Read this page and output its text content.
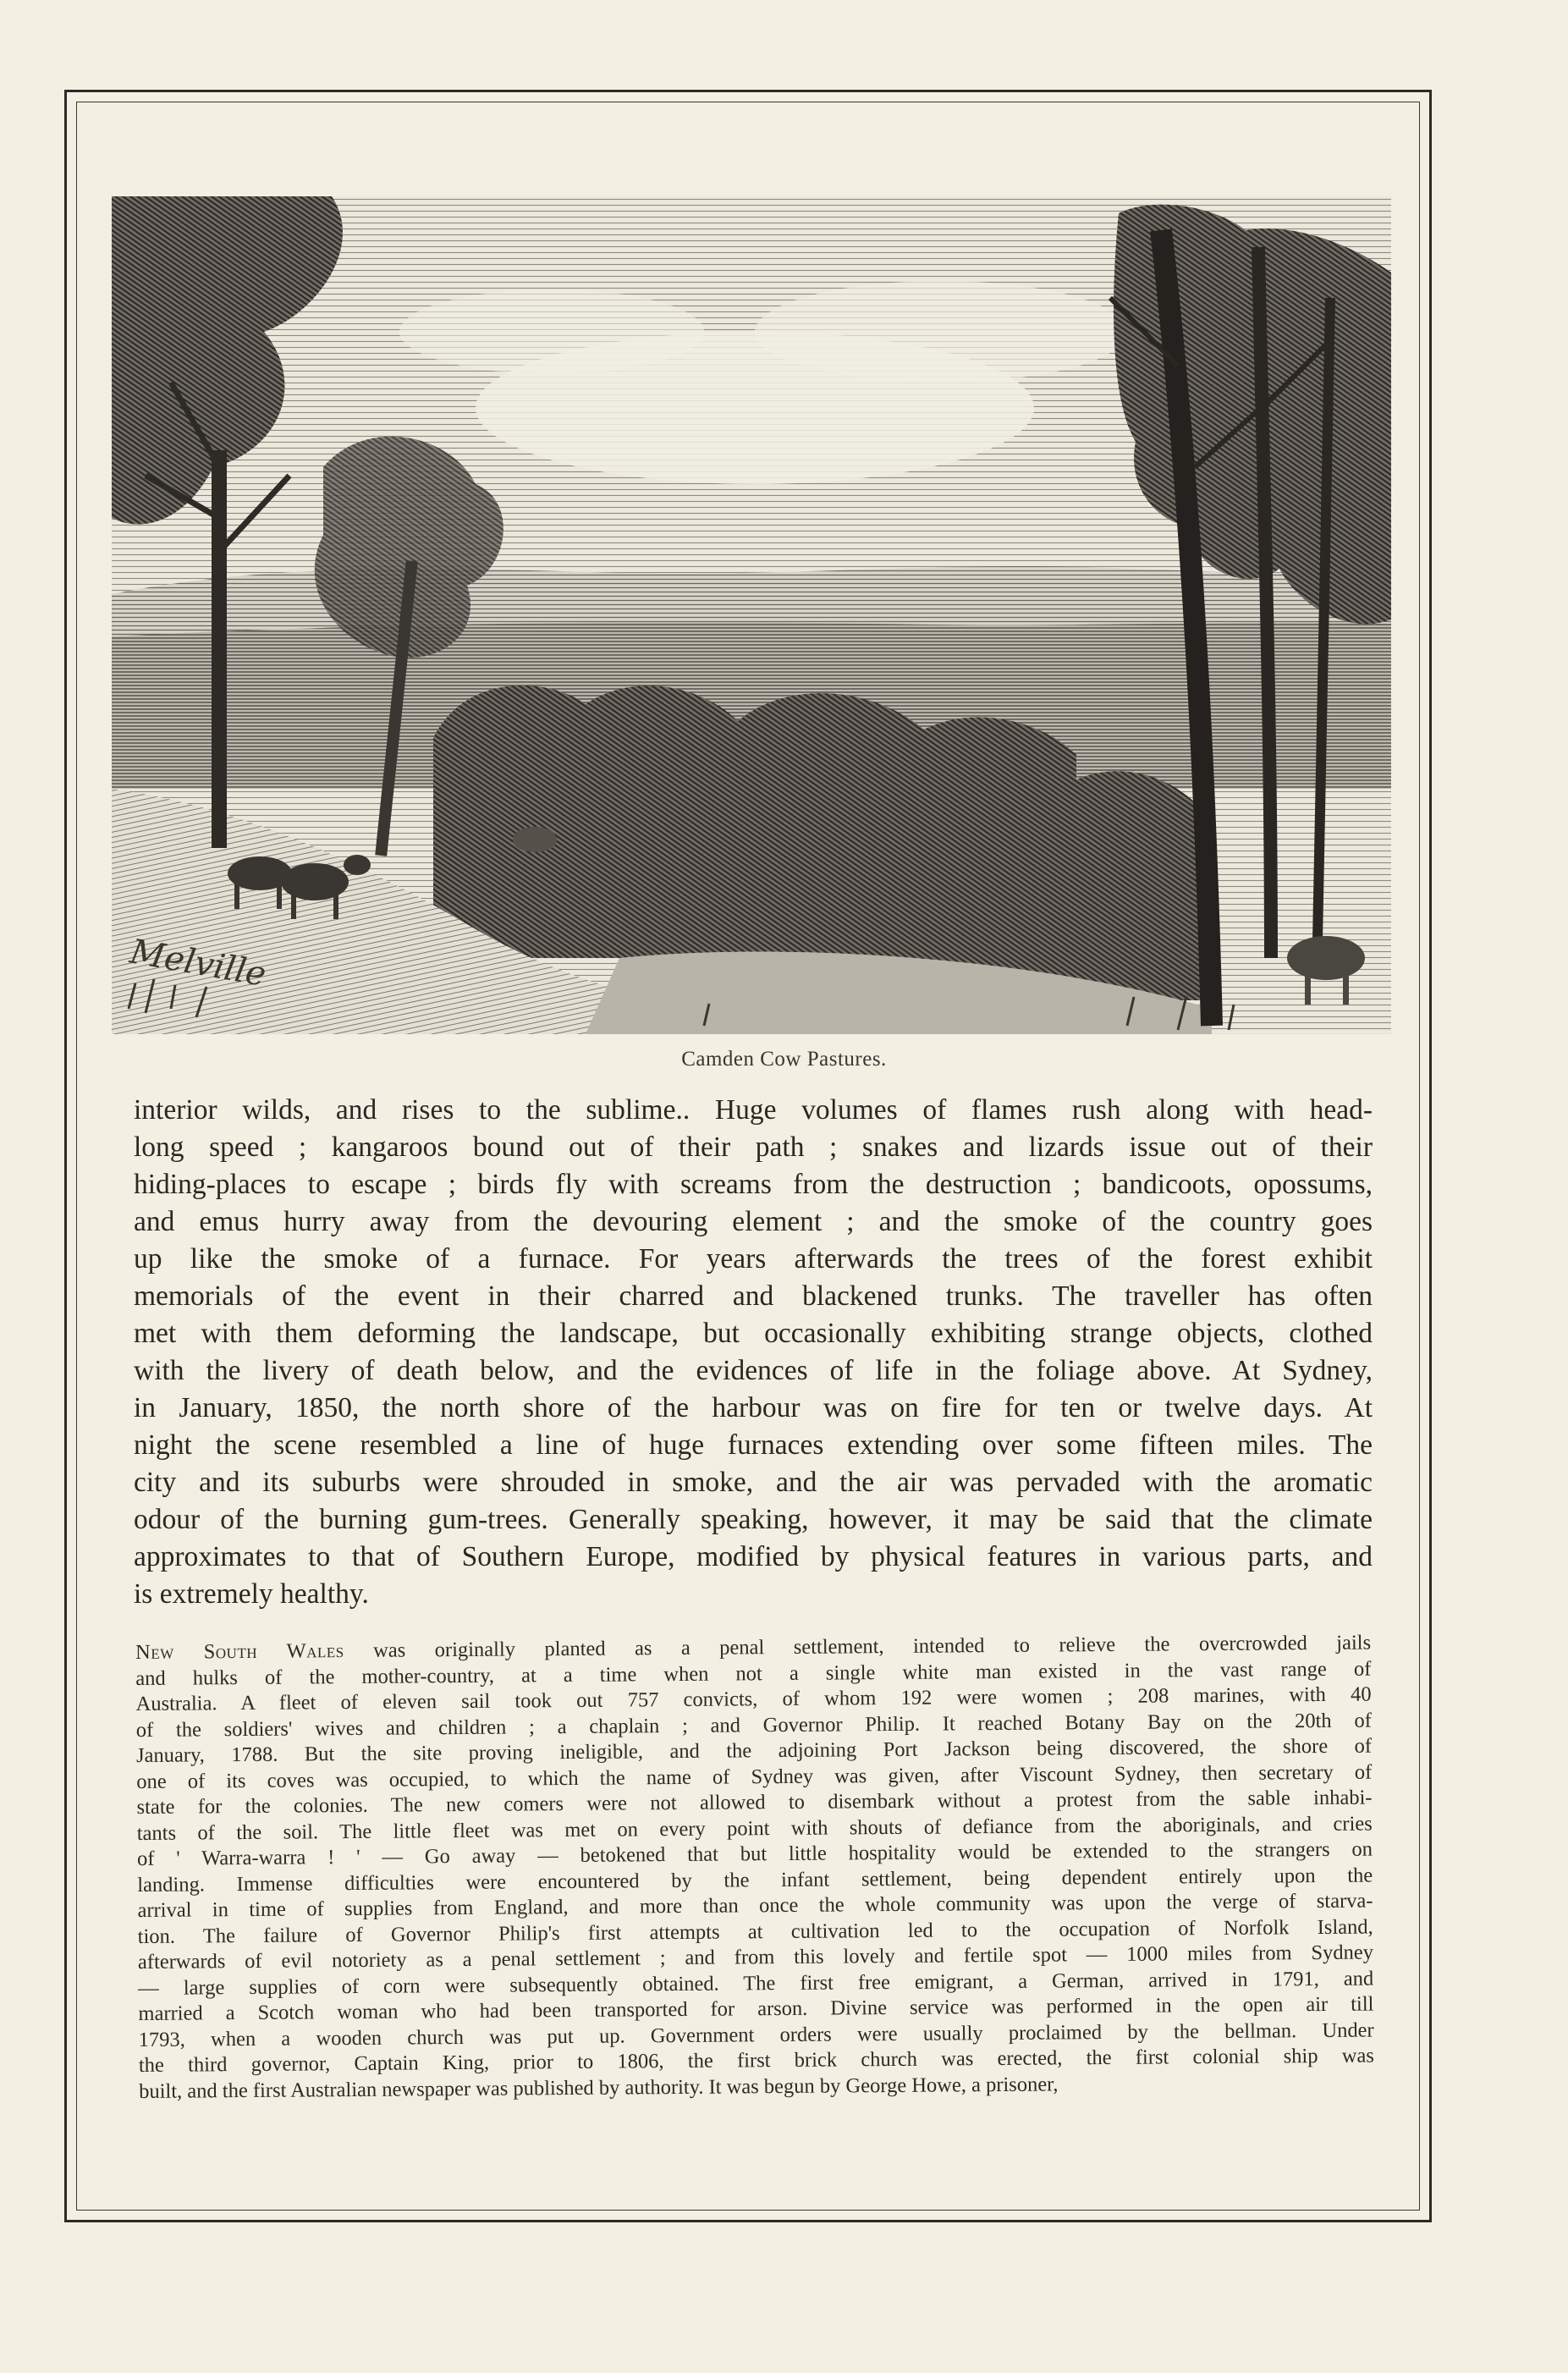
Melville
Camden Cow Pastures.
interior wilds, and rises to the sublime.. Huge volumes of flames rush along with head-
long speed ; kangaroos bound out of their path ; snakes and lizards issue out of their
hiding-places to escape ; birds fly with screams from the destruction ; bandicoots, opossums,
and emus hurry away from the devouring element ; and the smoke of the country goes
up like the smoke of a furnace. For years afterwards the trees of the forest exhibit
memorials of the event in their charred and blackened trunks. The traveller has often
met with them deforming the landscape, but occasionally exhibiting strange objects, clothed
with the livery of death below, and the evidences of life in the foliage above. At Sydney,
in January, 1850, the north shore of the harbour was on fire for ten or twelve days. At
night the scene resembled a line of huge furnaces extending over some fifteen miles. The
city and its suburbs were shrouded in smoke, and the air was pervaded with the aromatic
odour of the burning gum-trees. Generally speaking, however, it may be said that the climate
approximates to that of Southern Europe, modified by physical features in various parts, and
is extremely healthy.
New South Wales was originally planted as a penal settlement, intended to relieve the overcrowded jails
and hulks of the mother-country, at a time when not a single white man existed in the vast range of
Australia. A fleet of eleven sail took out 757 convicts, of whom 192 were women ; 208 marines, with 40
of the soldiers' wives and children ; a chaplain ; and Governor Philip. It reached Botany Bay on the 20th of
January, 1788. But the site proving ineligible, and the adjoining Port Jackson being discovered, the shore of
one of its coves was occupied, to which the name of Sydney was given, after Viscount Sydney, then secretary of
state for the colonies. The new comers were not allowed to disembark without a protest from the sable inhabi-
tants of the soil. The little fleet was met on every point with shouts of defiance from the aboriginals, and cries
of ' Warra-warra ! ' — Go away — betokened that but little hospitality would be extended to the strangers on
landing. Immense difficulties were encountered by the infant settlement, being dependent entirely upon the
arrival in time of supplies from England, and more than once the whole community was upon the verge of starva-
tion. The failure of Governor Philip's first attempts at cultivation led to the occupation of Norfolk Island,
afterwards of evil notoriety as a penal settlement ; and from this lovely and fertile spot — 1000 miles from Sydney
— large supplies of corn were subsequently obtained. The first free emigrant, a German, arrived in 1791, and
married a Scotch woman who had been transported for arson. Divine service was performed in the open air till
1793, when a wooden church was put up. Government orders were usually proclaimed by the bellman. Under
the third governor, Captain King, prior to 1806, the first brick church was erected, the first colonial ship was
built, and the first Australian newspaper was published by authority. It was begun by George Howe, a prisoner,
